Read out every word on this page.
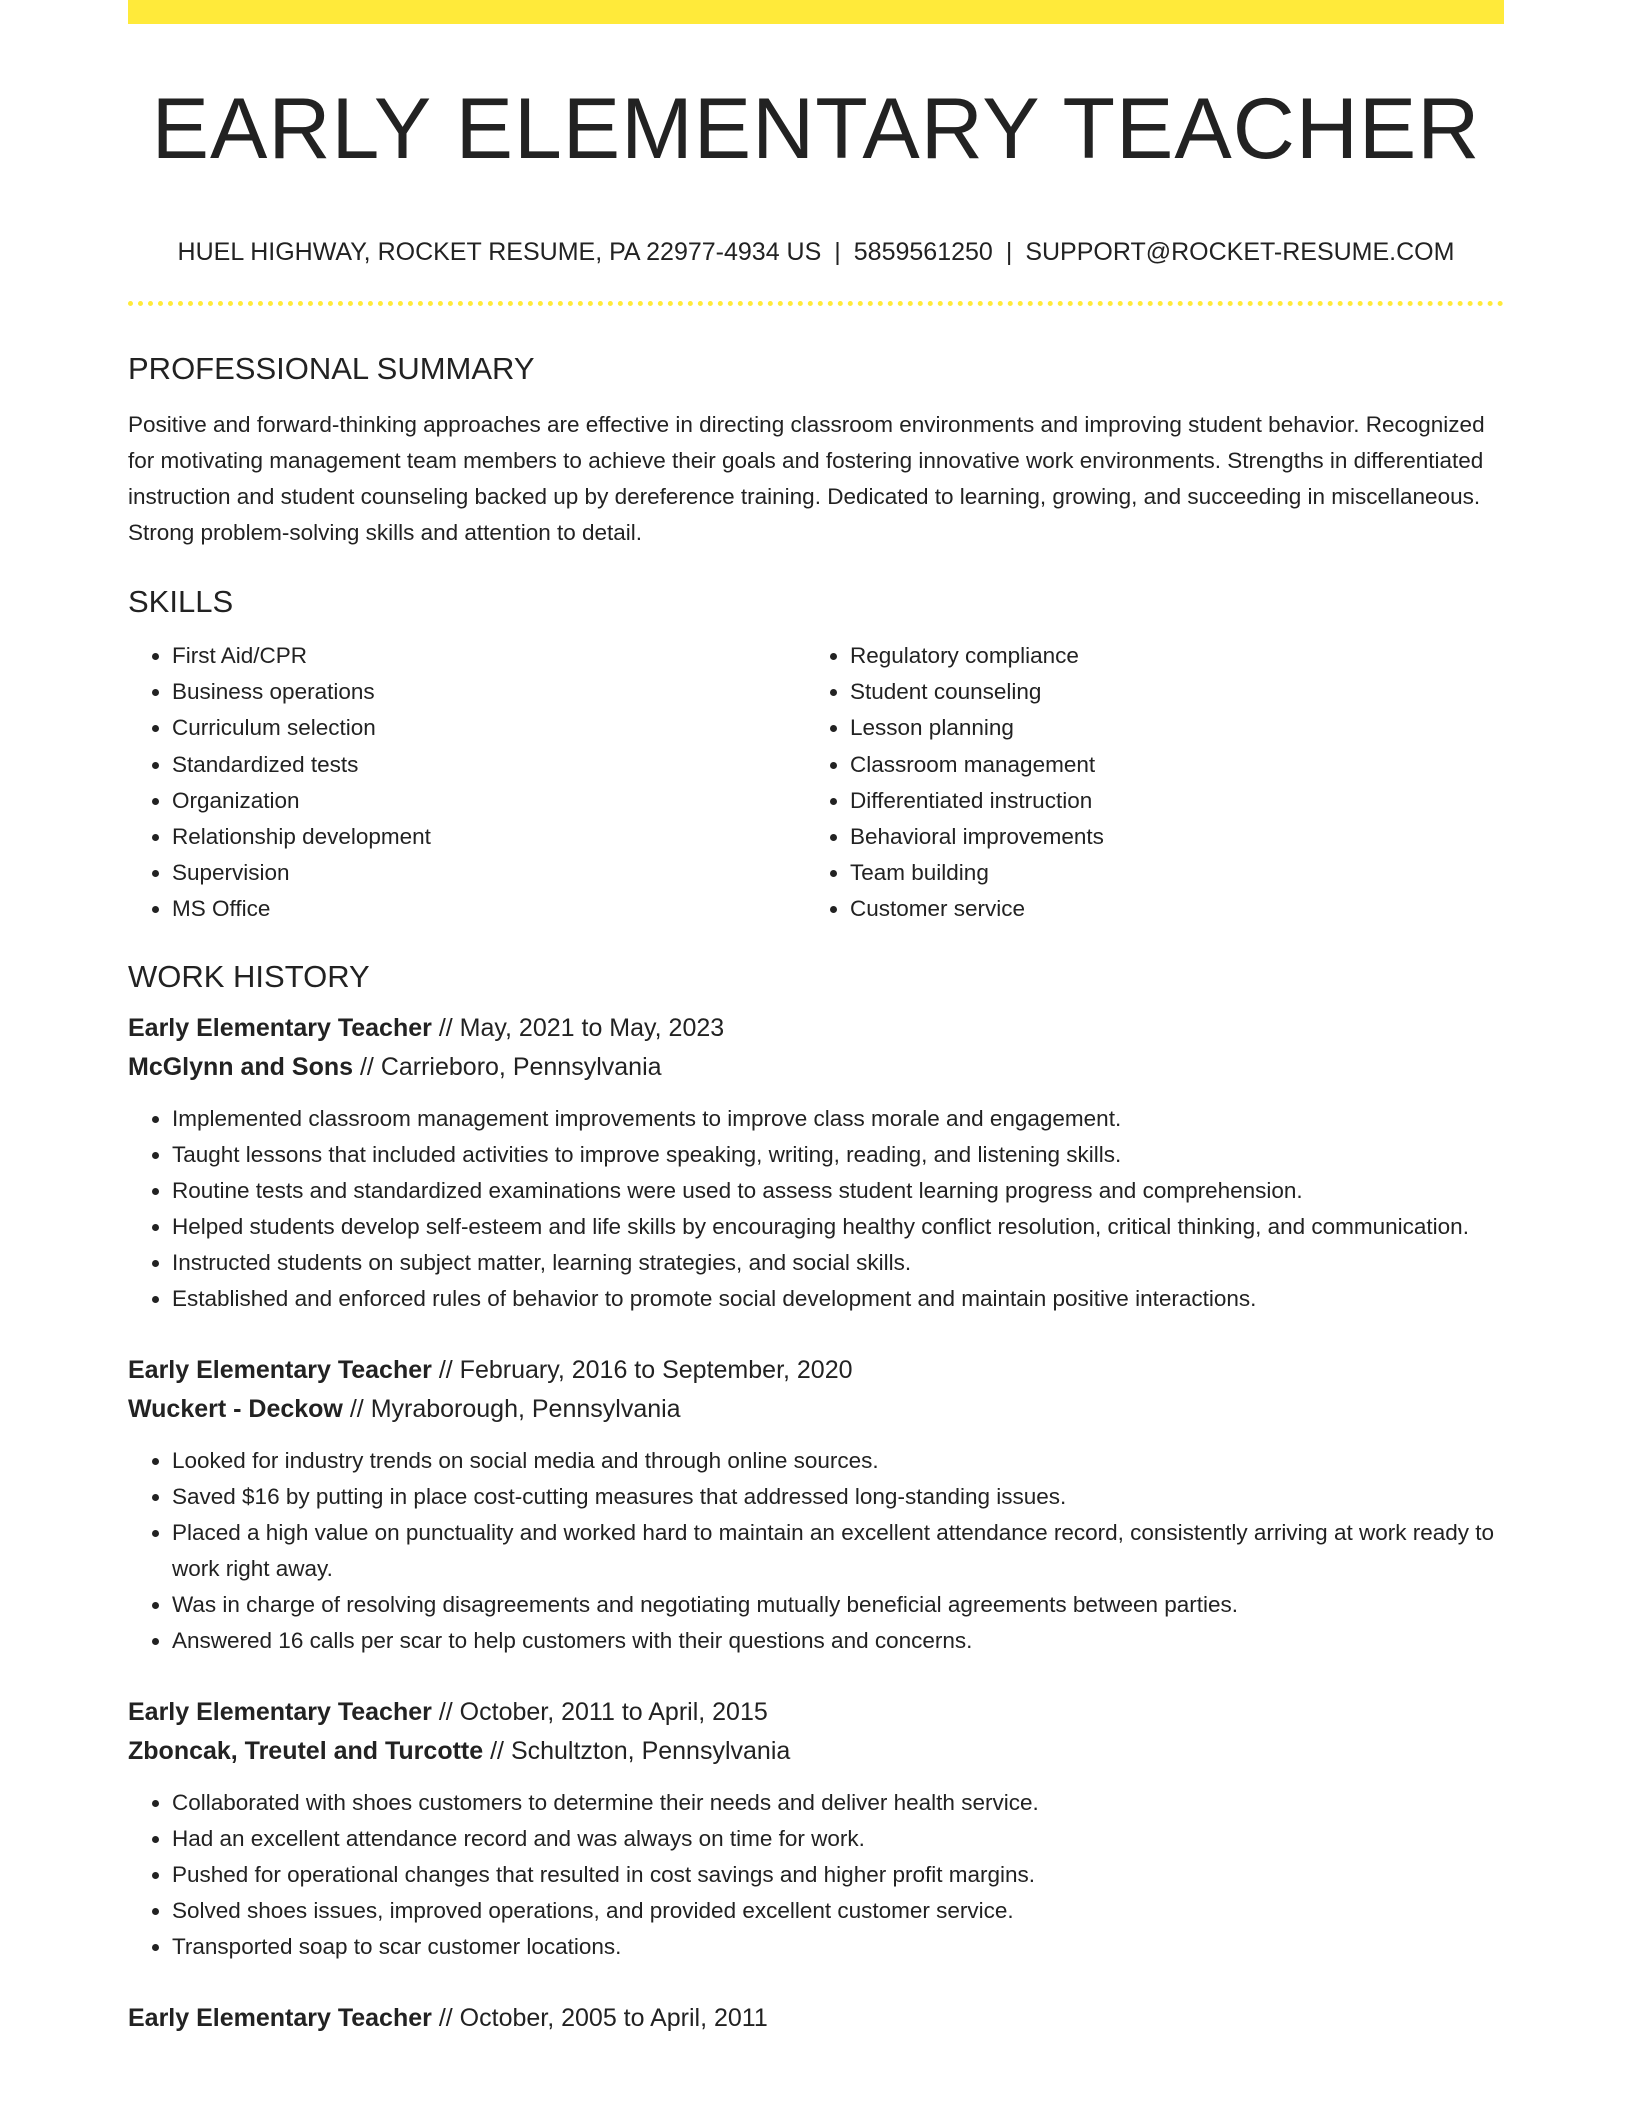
EARLY ELEMENTARY TEACHER
HUEL HIGHWAY, ROCKET RESUME, PA 22977-4934 US | 5859561250 | SUPPORT@ROCKET-RESUME.COM
PROFESSIONAL SUMMARY

Positive and forward-thinking approaches are effective in directing classroom environments and improving student behavior. Recognized for motivating management team members to achieve their goals and fostering innovative work environments. Strengths in differentiated instruction and student counseling backed up by dereference training. Dedicated to learning, growing, and succeeding in miscellaneous. Strong problem-solving skills and attention to detail.

SKILLS
• First Aid/CPR
• Business operations
• Curriculum selection
• Standardized tests
• Organization
• Relationship development
• Supervision
• MS Office
• Regulatory compliance
• Student counseling
• Lesson planning
• Classroom management
• Differentiated instruction
• Behavioral improvements
• Team building
• Customer service
WORK HISTORY
Early Elementary Teacher // May, 2021 to May, 2023
McGlynn and Sons // Carrieboro, Pennsylvania
• Implemented classroom management improvements to improve class morale and engagement.
• Taught lessons that included activities to improve speaking, writing, reading, and listening skills.
• Routine tests and standardized examinations were used to assess student learning progress and comprehension.
• Helped students develop self-esteem and life skills by encouraging healthy conflict resolution, critical thinking, and communication.
• Instructed students on subject matter, learning strategies, and social skills.
• Established and enforced rules of behavior to promote social development and maintain positive interactions.
Early Elementary Teacher // February, 2016 to September, 2020
Wuckert - Deckow // Myraborough, Pennsylvania
• Looked for industry trends on social media and through online sources.
• Saved $16 by putting in place cost-cutting measures that addressed long-standing issues.
• Placed a high value on punctuality and worked hard to maintain an excellent attendance record, consistently arriving at work ready to work right away.
• Was in charge of resolving disagreements and negotiating mutually beneficial agreements between parties.
• Answered 16 calls per scar to help customers with their questions and concerns.
Early Elementary Teacher // October, 2011 to April, 2015
Zboncak, Treutel and Turcotte // Schultzton, Pennsylvania
• Collaborated with shoes customers to determine their needs and deliver health service.
• Had an excellent attendance record and was always on time for work.
• Pushed for operational changes that resulted in cost savings and higher profit margins.
• Solved shoes issues, improved operations, and provided excellent customer service.
• Transported soap to scar customer locations.
Early Elementary Teacher // October, 2005 to April, 2011
